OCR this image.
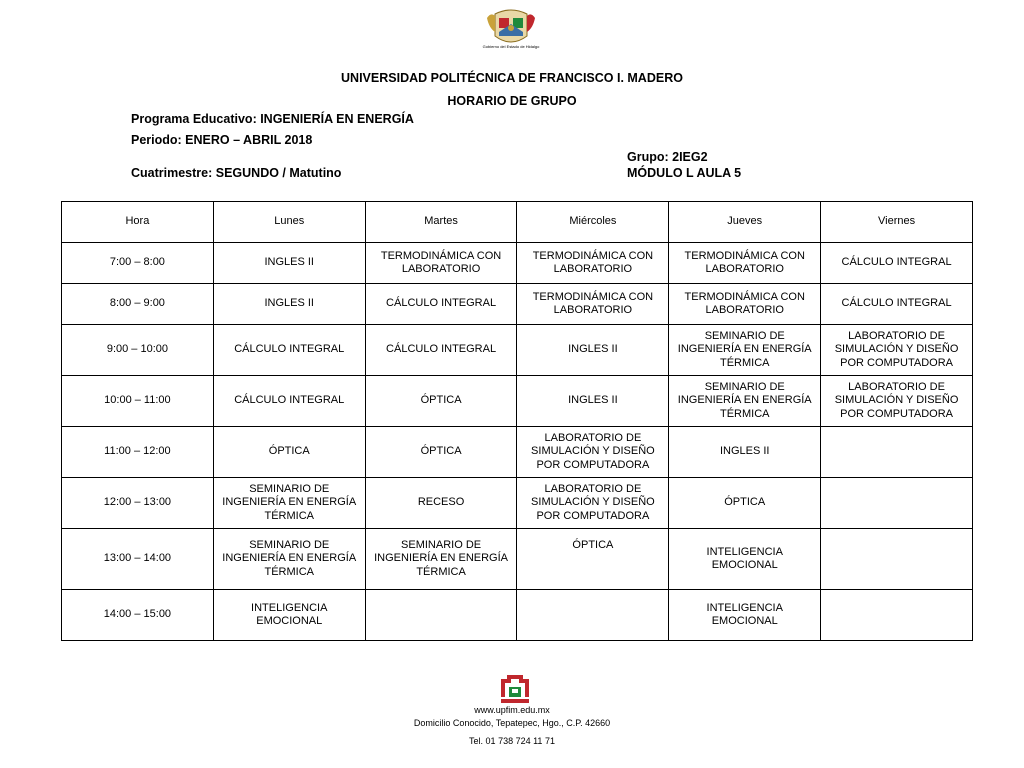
Gobierno del Estado de Hidalgo
UNIVERSIDAD POLITÉCNICA DE FRANCISCO I. MADERO
HORARIO DE GRUPO
Programa Educativo: INGENIERÍA EN ENERGÍA
Periodo: ENERO – ABRIL 2018
Grupo: 2IEG2
Cuatrimestre: SEGUNDO / Matutino	MÓDULO L AULA 5
Hora	Lunes	Martes	Miércoles	Jueves	Viernes
7:00 – 8:00	INGLES II	TERMODINÁMICA CON LABORATORIO	TERMODINÁMICA CON LABORATORIO	TERMODINÁMICA CON LABORATORIO	CÁLCULO INTEGRAL
8:00 – 9:00	INGLES II	CÁLCULO INTEGRAL	TERMODINÁMICA CON LABORATORIO	TERMODINÁMICA CON LABORATORIO	CÁLCULO INTEGRAL
9:00 – 10:00	CÁLCULO INTEGRAL	CÁLCULO INTEGRAL	INGLES II	SEMINARIO DE INGENIERÍA EN ENERGÍA TÉRMICA	LABORATORIO DE SIMULACIÓN Y DISEÑO POR COMPUTADORA
10:00 – 11:00	CÁLCULO INTEGRAL	ÓPTICA	INGLES II	SEMINARIO DE INGENIERÍA EN ENERGÍA TÉRMICA	LABORATORIO DE SIMULACIÓN Y DISEÑO POR COMPUTADORA
11:00 – 12:00	ÓPTICA	ÓPTICA	LABORATORIO DE SIMULACIÓN Y DISEÑO POR COMPUTADORA	INGLES II	
12:00 – 13:00	SEMINARIO DE INGENIERÍA EN ENERGÍA TÉRMICA	RECESO	LABORATORIO DE SIMULACIÓN Y DISEÑO POR COMPUTADORA	ÓPTICA	
13:00 – 14:00	SEMINARIO DE INGENIERÍA EN ENERGÍA TÉRMICA	SEMINARIO DE INGENIERÍA EN ENERGÍA TÉRMICA	ÓPTICA	INTELIGENCIA EMOCIONAL	
14:00 – 15:00	INTELIGENCIA EMOCIONAL			INTELIGENCIA EMOCIONAL	
www.upfim.edu.mx
Domicilio Conocido, Tepatepec, Hgo., C.P. 42660
Tel. 01 738 724 11 71
